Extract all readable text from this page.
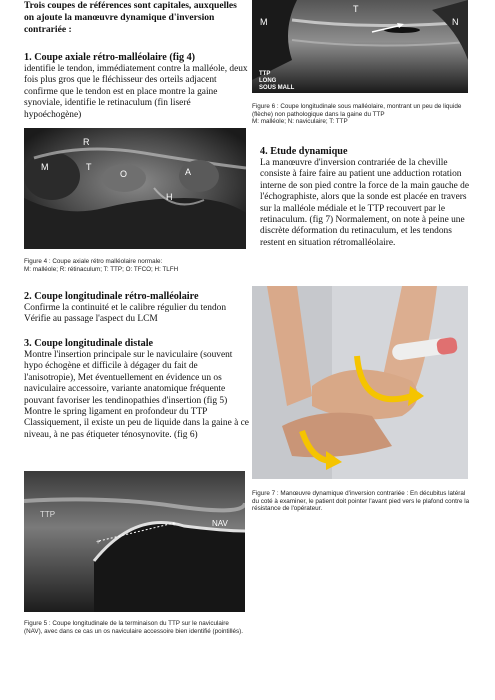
Trois coupes de références sont capitales, auxquelles on ajoute la manœuvre dynamique d'inversion contrariée :

1. Coupe axiale rétro-malléolaire (fig 4)

identifie le tendon, immédiatement contre la malléole, deux fois plus gros que le fléchisseur des orteils adjacent confirme que le tendon est en place montre la gaine synoviale, identifie le retinaculum (fin liseré hypoéchogène)

M
R
T
O	A
H
Figure 4 : Coupe axiale rétro malléolaire normale:
M: malléole; R: rétinaculum; T: TTP; O: TFCO; H: TLFH

2. Coupe longitudinale rétro-malléolaire

Confirme la continuité et le calibre régulier du tendon Vérifie au passage l'aspect du LCM

3. Coupe longitudinale distale

Montre l'insertion principale sur le naviculaire (souvent hypo échogène et difficile à dégager du fait de l'anisotropie), Met éventuellement en évidence un os naviculaire accessoire, variante anatomique fréquente pouvant favoriser les tendinopathies d'insertion (fig 5)

Montre le spring ligament en profondeur du TTP Classiquement, il existe un peu de liquide dans la gaine à ce niveau, à ne pas étiqueter ténosynovite. (fig 6)

+
+
TTP
NAV
Figure 5 : Coupe longitudinale de la terminaison du TTP sur le naviculaire (NAV), avec dans ce cas un os naviculaire accessoire bien identifié (pointillés).
M
T
N
TTP
LONG
SOUS MALL
Figure 6 : Coupe longitudinale sous malléolaire, montrant un peu de liquide (flèche) non pathologique dans la gaine du TTP
M: malléole; N: naviculaire; T: TTP

4. Etude dynamique

La manœuvre d'inversion contrariée de la cheville consiste à faire faire au patient une adduction rotation interne de son pied contre la force de la main gauche de l'échographiste, alors que la sonde est placée en travers sur la malléole médiale et le TTP recouvert par le retinaculum. (fig 7) Normalement, on note à peine une discrète déformation du retinaculum, et les tendons restent en situation rétromalléolaire.

Figure 7 : Manœuvre dynamique d'inversion contrariée : En décubitus latéral du coté à examiner, le patient doit pointer l'avant pied vers le plafond contre la résistance de l'opérateur.
